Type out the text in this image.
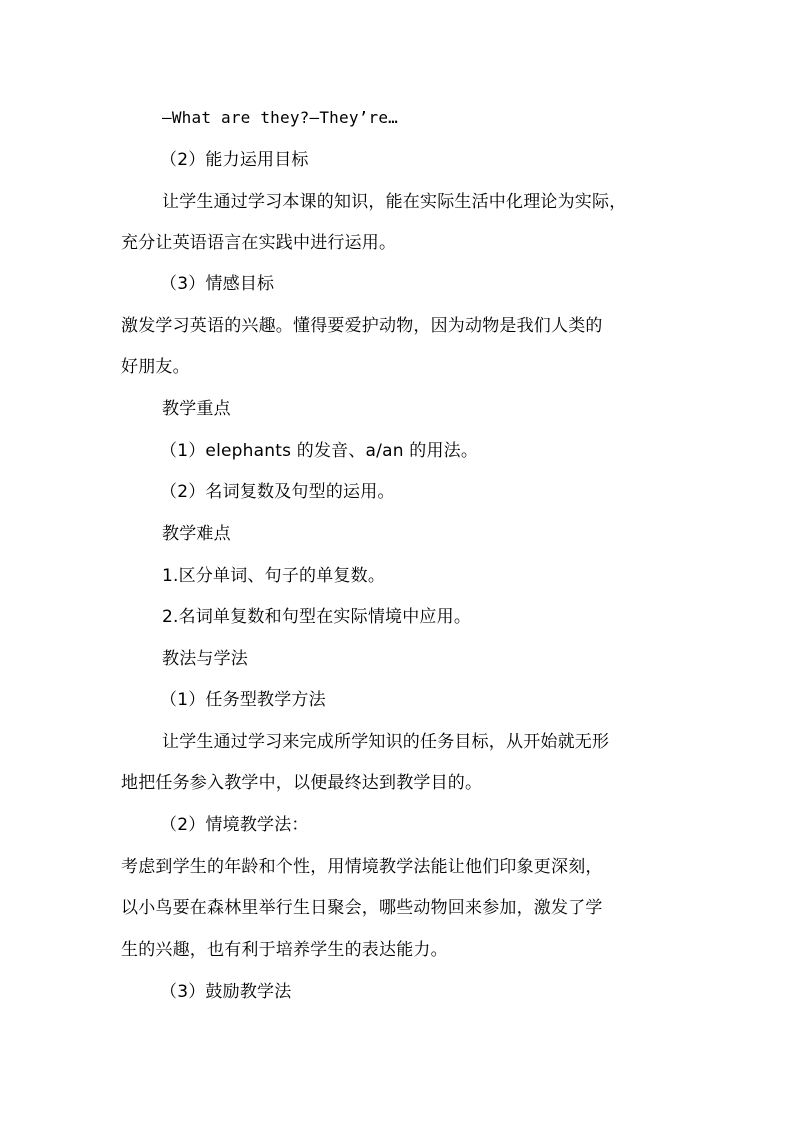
—What are they?—They’re…
（2）能力运用目标
让学生通过学习本课的知识，能在实际生活中化理论为实际，
充分让英语语言在实践中进行运用。
（3）情感目标
激发学习英语的兴趣。懂得要爱护动物，因为动物是我们人类的
好朋友。
教学重点
（1）elephants 的发音、a/an 的用法。
（2）名词复数及句型的运用。
教学难点
1.区分单词、句子的单复数。
2.名词单复数和句型在实际情境中应用。
教法与学法
（1）任务型教学方法
让学生通过学习来完成所学知识的任务目标，从开始就无形
地把任务参入教学中，以便最终达到教学目的。
（2）情境教学法：
考虑到学生的年龄和个性，用情境教学法能让他们印象更深刻，
以小鸟要在森林里举行生日聚会，哪些动物回来参加，激发了学
生的兴趣，也有利于培养学生的表达能力。
（3）鼓励教学法
